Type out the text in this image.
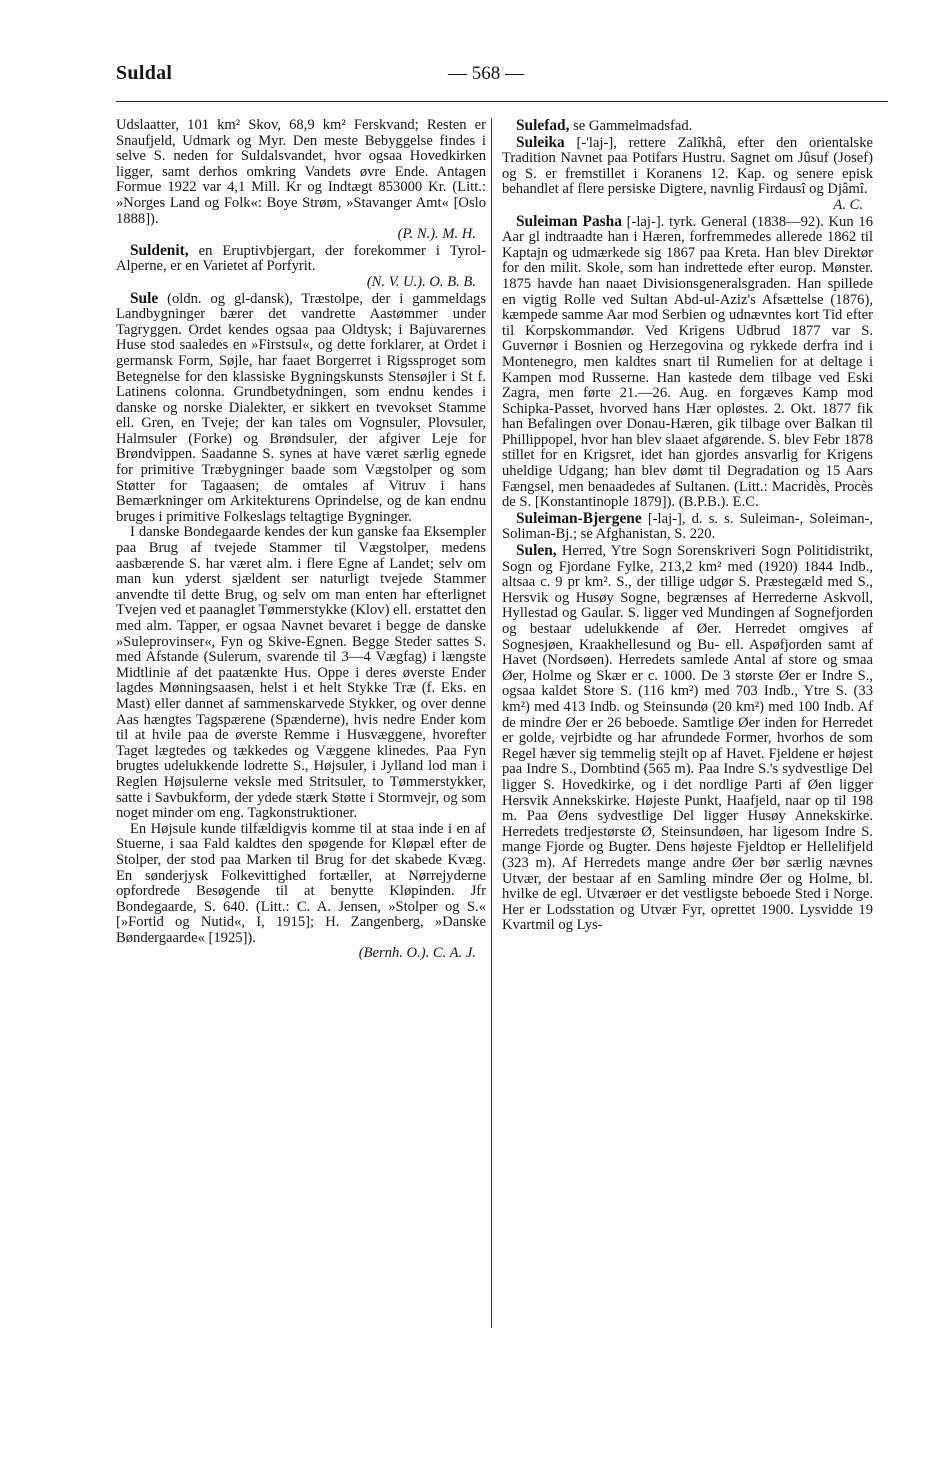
Suldal	— 568 —

Udslaatter, 101 km² Skov, 68,9 km² Ferskvand; Resten er Snaufjeld, Udmark og Myr. Den meste Bebyggelse findes i selve S. neden for Suldalsvandet, hvor ogsaa Hovedkirken ligger, samt derhos omkring Vandets øvre Ende. Antagen Formue 1922 var 4,1 Mill. Kr og Indtægt 853000 Kr. (Litt.: »Norges Land og Folk«: Boye Strøm, »Stavanger Amt« [Oslo 1888]).

(P. N.). M. H.

Suldenit, en Eruptivbjergart, der forekommer i Tyrol-Alperne, er en Varietet af Porfyrit.

(N. V. U.). O. B. B.

Sule (oldn. og gl-dansk), Træstolpe, der i gammeldags Landbygninger bærer det vandrette Aastømmer under Tagryggen. Ordet kendes ogsaa paa Oldtysk; i Bajuvarernes Huse stod saaledes en »Firstsul«, og dette forklarer, at Ordet i germansk Form, Søjle, har faaet Borgerret i Rigssproget som Betegnelse for den klassiske Bygningskunsts Stensøjler i St f. Latinens colonna. Grundbetydningen, som endnu kendes i danske og norske Dialekter, er sikkert en tvevokset Stamme ell. Gren, en Tveje; der kan tales om Vognsuler, Plovsuler, Halmsuler (Forke) og Brøndsuler, der afgiver Leje for Brøndvippen. Saadanne S. synes at have været særlig egnede for primitive Træbygninger baade som Vægstolper og som Støtter for Tagaasen; de omtales af Vitruv i hans Bemærkninger om Arkitekturens Oprindelse, og de kan endnu bruges i primitive Folkeslags teltagtige Bygninger.

I danske Bondegaarde kendes der kun ganske faa Eksempler paa Brug af tvejede Stammer til Vægstolper, medens aasbærende S. har været alm. i flere Egne af Landet; selv om man kun yderst sjældent ser naturligt tvejede Stammer anvendte til dette Brug, og selv om man enten har efterlignet Tvejen ved et paanaglet Tømmerstykke (Klov) ell. erstattet den med alm. Tapper, er ogsaa Navnet bevaret i begge de danske »Suleprovinser«, Fyn og Skive-Egnen. Begge Steder sattes S. med Afstande (Sulerum, svarende til 3—4 Vægfag) i længste Midtlinie af det paatænkte Hus. Oppe i deres øverste Ender lagdes Mønningsaasen, helst i et helt Stykke Træ (f. Eks. en Mast) eller dannet af sammenskarvede Stykker, og over denne Aas hængtes Tagspærene (Spænderne), hvis nedre Ender kom til at hvile paa de øverste Remme i Husvæggene, hvorefter Taget lægtedes og tækkedes og Væggene klinedes. Paa Fyn brugtes udelukkende lodrette S., Højsuler, i Jylland lod man i Reglen Højsulerne veksle med Stritsuler, to Tømmerstykker, satte i Savbukform, der ydede stærk Støtte i Stormvejr, og som noget minder om eng. Tagkonstruktioner.

En Højsule kunde tilfældigvis komme til at staa inde i en af Stuerne, i saa Fald kaldtes den spøgende for Kløpæl efter de Stolper, der stod paa Marken til Brug for det skabede Kvæg. En sønderjysk Folkevittighed fortæller, at Nørrejyderne opfordrede Besøgende til at benytte Kløpinden. Jfr Bondegaarde, S. 640. (Litt.: C. A. Jensen, »Stolper og S.« [»Fortid og Nutid«, I, 1915]; H. Zangenberg, »Danske Bøndergaarde« [1925]).

(Bernh. O.). C. A. J.

Sulefad, se Gammelmadsfad.

Suleika [-'laj-], rettere Zalîkhâ, efter den orientalske Tradition Navnet paa Potifars Hustru. Sagnet om Jûsuf (Josef) og S. er fremstillet i Koranens 12. Kap. og senere episk behandlet af flere persiske Digtere, navnlig Firdausî og Djâmî.

A. C.

Suleiman Pasha [-laj-]. tyrk. General (1838—92). Kun 16 Aar gl indtraadte han i Hæren, forfremmedes allerede 1862 til Kaptajn og udmærkede sig 1867 paa Kreta. Han blev Direktør for den milit. Skole, som han indrettede efter europ. Mønster. 1875 havde han naaet Divisionsgeneralsgraden. Han spillede en vigtig Rolle ved Sultan Abd-ul-Aziz's Afsættelse (1876), kæmpede samme Aar mod Serbien og udnævntes kort Tid efter til Korpskommandør. Ved Krigens Udbrud 1877 var S. Guvernør i Bosnien og Herzegovina og rykkede derfra ind i Montenegro, men kaldtes snart til Rumelien for at deltage i Kampen mod Russerne. Han kastede dem tilbage ved Eski Zagra, men førte 21.—26. Aug. en forgæves Kamp mod Schipka-Passet, hvorved hans Hær opløstes. 2. Okt. 1877 fik han Befalingen over Donau-Hæren, gik tilbage over Balkan til Phillippopel, hvor han blev slaaet afgørende. S. blev Febr 1878 stillet for en Krigsret, idet han gjordes ansvarlig for Krigens uheldige Udgang; han blev dømt til Degradation og 15 Aars Fængsel, men benaadedes af Sultanen. (Litt.: Macridès, Procès de S. [Konstantinople 1879]). (B.P.B.). E.C.

Suleiman-Bjergene [-laj-], d. s. s. Suleiman-, Soleiman-, Soliman-Bj.; se Afghanistan, S. 220.

Sulen, Herred, Ytre Sogn Sorenskriveri Sogn Politidistrikt, Sogn og Fjordane Fylke, 213,2 km² med (1920) 1844 Indb., altsaa c. 9 pr km². S., der tillige udgør S. Præstegæld med S., Hersvik og Husøy Sogne, begrænses af Herrederne Askvoll, Hyllestad og Gaular. S. ligger ved Mundingen af Sognefjorden og bestaar udelukkende af Øer. Herredet omgives af Sognesjøen, Kraakhellesund og Bu- ell. Aspøfjorden samt af Havet (Nordsøen). Herredets samlede Antal af store og smaa Øer, Holme og Skær er c. 1000. De 3 største Øer er Indre S., ogsaa kaldet Store S. (116 km²) med 703 Indb., Ytre S. (33 km²) med 413 Indb. og Steinsundø (20 km²) med 100 Indb. Af de mindre Øer er 26 beboede. Samtlige Øer inden for Herredet er golde, vejrbidte og har afrundede Former, hvorhos de som Regel hæver sig temmelig stejlt op af Havet. Fjeldene er højest paa Indre S., Dombtind (565 m). Paa Indre S.'s sydvestlige Del ligger S. Hovedkirke, og i det nordlige Parti af Øen ligger Hersvik Annekskirke. Højeste Punkt, Haafjeld, naar op til 198 m. Paa Øens sydvestlige Del ligger Husøy Annekskirke. Herredets tredjestørste Ø, Steinsundøen, har ligesom Indre S. mange Fjorde og Bugter. Dens højeste Fjeldtop er Hellelifjeld (323 m). Af Herredets mange andre Øer bør særlig nævnes Utvær, der bestaar af en Samling mindre Øer og Holme, bl. hvilke de egl. Utværøer er det vestligste beboede Sted i Norge. Her er Lodsstation og Utvær Fyr, oprettet 1900. Lysvidde 19 Kvartmil og Lys-
